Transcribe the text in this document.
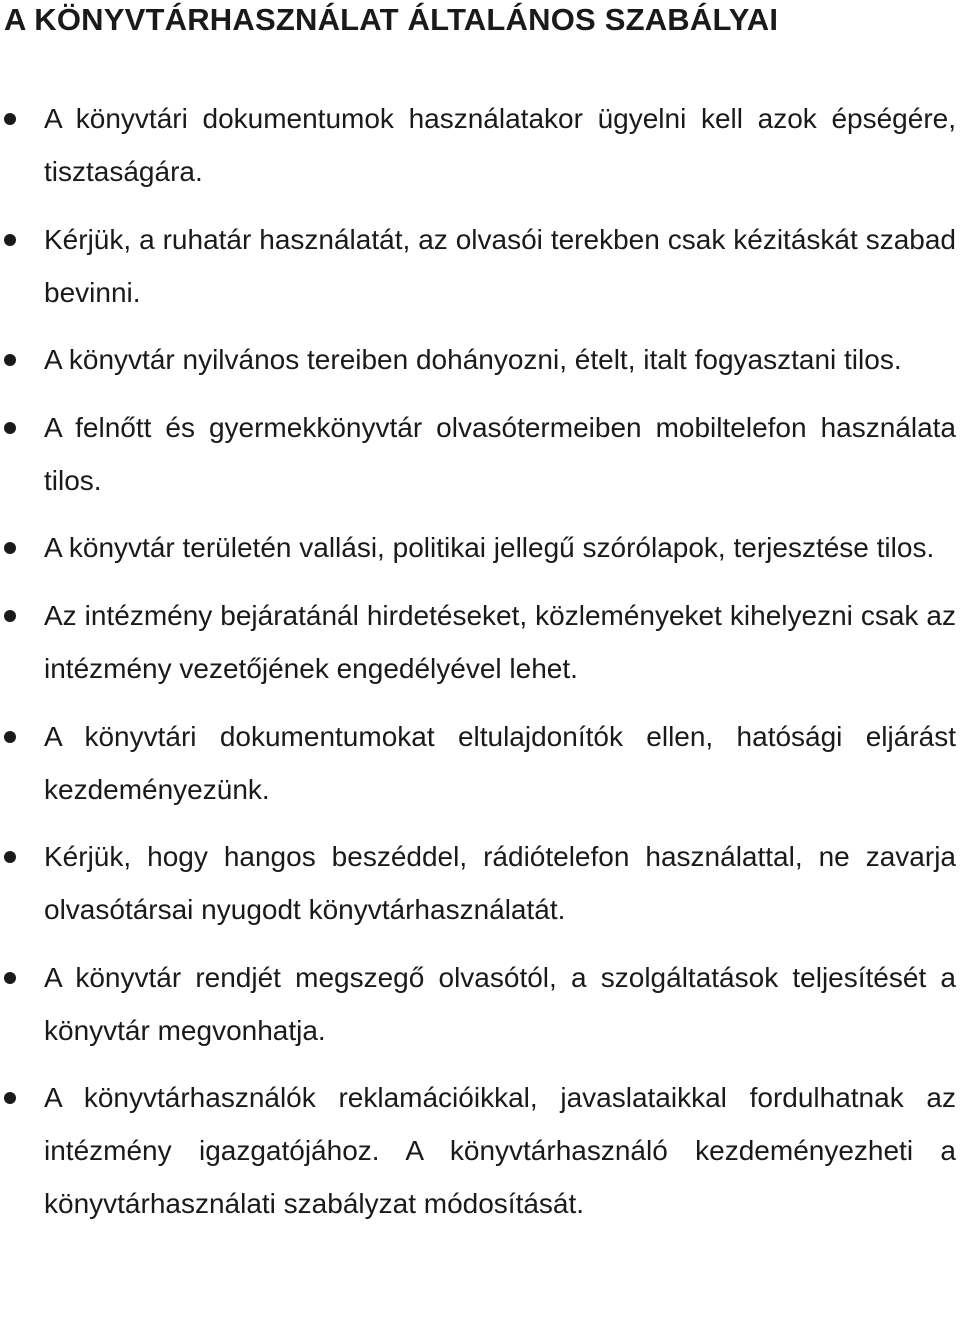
A KÖNYVTÁRHASZNÁLAT ÁLTALÁNOS SZABÁLYAI
A könyvtári dokumentumok használatakor ügyelni kell azok épségére, tisztaságára.
Kérjük, a ruhatár használatát, az olvasói terekben csak kézitáskát szabad bevinni.
A könyvtár nyilvános tereiben dohányozni, ételt, italt fogyasztani tilos.
A felnőtt és gyermekkönyvtár olvasótermeiben mobiltelefon használata tilos.
A könyvtár területén vallási, politikai jellegű szórólapok, terjesztése tilos.
Az intézmény bejáratánál hirdetéseket, közleményeket kihelyezni csak az intézmény vezetőjének engedélyével lehet.
A könyvtári dokumentumokat eltulajdonítók ellen, hatósági eljárást kezdeményezünk.
Kérjük, hogy hangos beszéddel, rádiótelefon használattal, ne zavarja olvasótársai nyugodt könyvtárhasználatát.
A könyvtár rendjét megszegő olvasótól, a szolgáltatások teljesítését a könyvtár megvonhatja.
A könyvtárhasználók reklamációikkal, javaslataikkal fordulhatnak az intézmény igazgatójához. A könyvtárhasználó kezdeményezheti a könyvtárhasználati szabályzat módosítását.
